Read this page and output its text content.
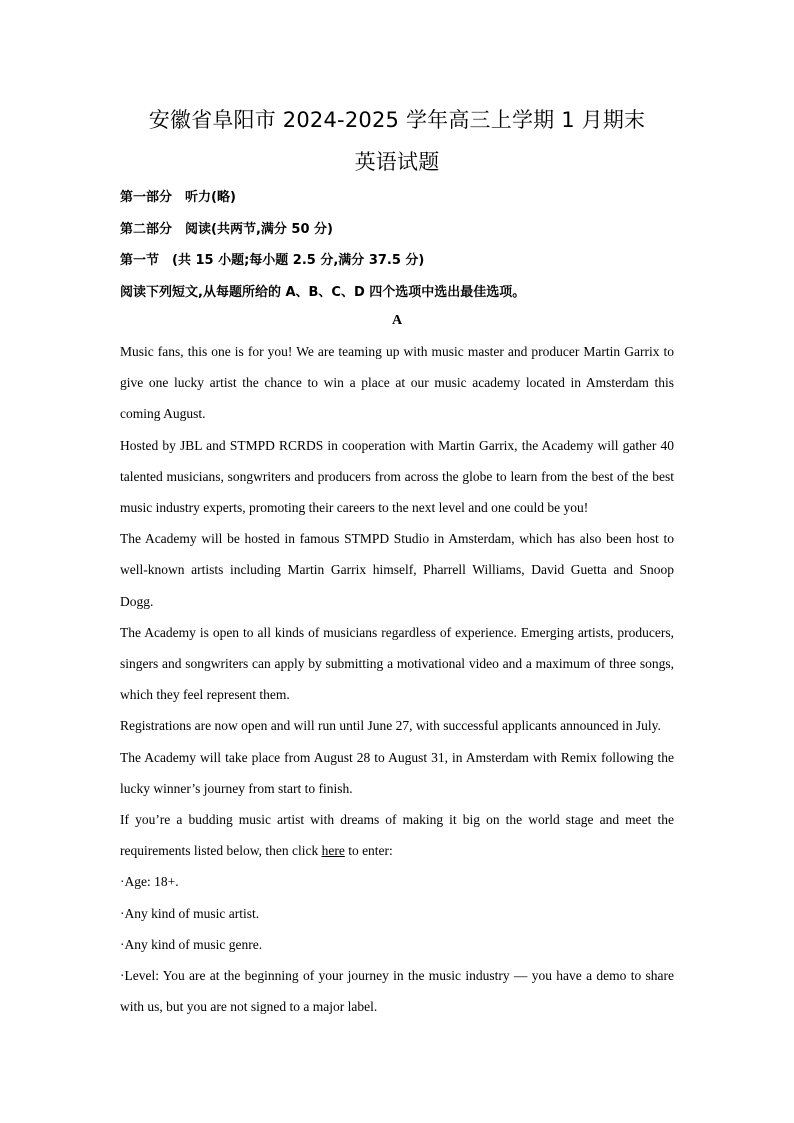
安徽省阜阳市 2024-2025 学年高三上学期 1 月期末
英语试题
第一部分　听力(略)
第二部分　阅读(共两节,满分 50 分)
第一节　(共 15 小题;每小题 2.5 分,满分 37.5 分)
阅读下列短文,从每题所给的 A、B、C、D 四个选项中选出最佳选项。
A

Music fans, this one is for you! We are teaming up with music master and producer Martin Garrix to give one lucky artist the chance to win a place at our music academy located in Amsterdam this coming August.

Hosted by JBL and STMPD RCRDS in cooperation with Martin Garrix, the Academy will gather 40 talented musicians, songwriters and producers from across the globe to learn from the best of the best music industry experts, promoting their careers to the next level and one could be you!

The Academy will be hosted in famous STMPD Studio in Amsterdam, which has also been host to well-known artists including Martin Garrix himself, Pharrell Williams, David Guetta and Snoop Dogg.

The Academy is open to all kinds of musicians regardless of experience. Emerging artists, producers, singers and songwriters can apply by submitting a motivational video and a maximum of three songs, which they feel represent them.

Registrations are now open and will run until June 27, with successful applicants announced in July.

The Academy will take place from August 28 to August 31, in Amsterdam with Remix following the lucky winner’s journey from start to finish.

If you’re a budding music artist with dreams of making it big on the world stage and meet the requirements listed below, then click here to enter:

·Age: 18+.

·Any kind of music artist.

·Any kind of music genre.

·Level: You are at the beginning of your journey in the music industry — you have a demo to share with us, but you are not signed to a major label.
